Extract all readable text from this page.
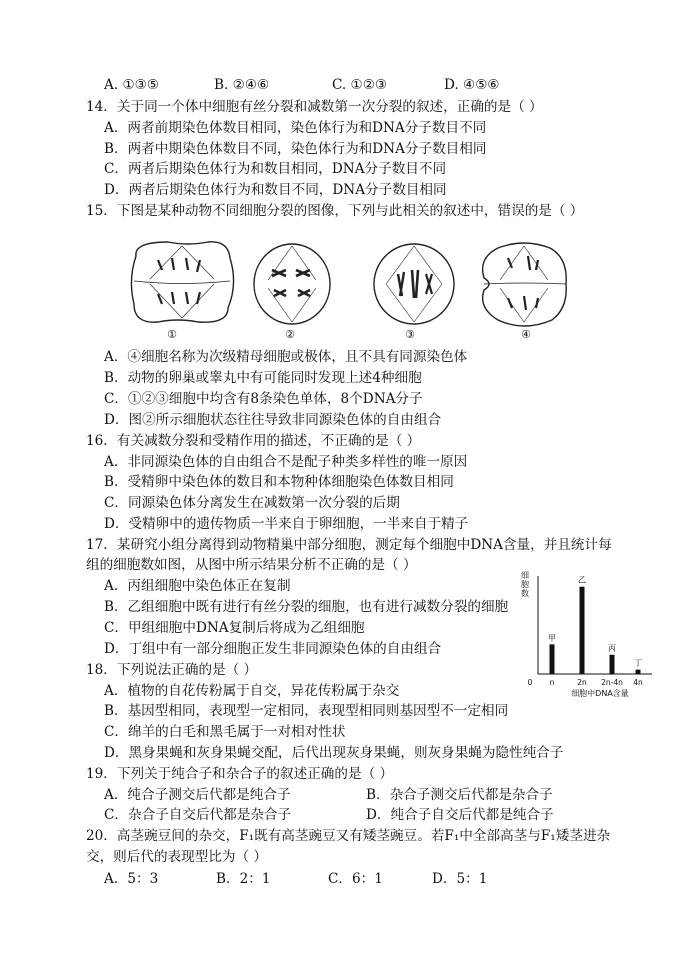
A. ①③⑤	B. ②④⑥	C. ①②③	D. ④⑤⑥
14．关于同一个体中细胞有丝分裂和减数第一次分裂的叙述，正确的是（ ）
A．两者前期染色体数目相同，染色体行为和DNA分子数目不同
B．两者中期染色体数目不同，染色体行为和DNA分子数目相同
C．两者后期染色体行为和数目相同，DNA分子数目不同
D．两者后期染色体行为和数目不同，DNA分子数目相同
15．下图是某种动物不同细胞分裂的图像，下列与此相关的叙述中，错误的是（ ）
①	②	③	④
A．④细胞名称为次级精母细胞或极体，且不具有同源染色体
B．动物的卵巢或睾丸中有可能同时发现上述4种细胞
C．①②③细胞中均含有8条染色单体，8个DNA分子
D．图②所示细胞状态往往导致非同源染色体的自由组合
16．有关减数分裂和受精作用的描述，不正确的是（ ）
A．非同源染色体的自由组合不是配子种类多样性的唯一原因
B．受精卵中染色体的数目和本物种体细胞染色体数目相同
C．同源染色体分离发生在减数第一次分裂的后期
D．受精卵中的遗传物质一半来自于卵细胞，一半来自于精子
17．某研究小组分离得到动物精巢中部分细胞，测定每个细胞中DNA含量，并且统计每
组的细胞数如图，从图中所示结果分析不正确的是（ ）
A．丙组细胞中染色体正在复制
B．乙组细胞中既有进行有丝分裂的细胞，也有进行减数分裂的细胞
C．甲组细胞中DNA复制后将成为乙组细胞
D．丁组中有一部分细胞正发生非同源染色体的自由组合
细胞数
甲
乙
丙
丁
0 n	2n 2n-4n 4n
细胞中DNA含量
18．下列说法正确的是（ ）
A．植物的自花传粉属于自交，异花传粉属于杂交
B．基因型相同，表现型一定相同，表现型相同则基因型不一定相同
C．绵羊的白毛和黑毛属于一对相对性状
D．黑身果蝇和灰身果蝇交配，后代出现灰身果蝇，则灰身果蝇为隐性纯合子
19．下列关于纯合子和杂合子的叙述正确的是（ ）
A．纯合子测交后代都是纯合子	B．杂合子测交后代都是杂合子
C．杂合子自交后代都是杂合子	D．纯合子自交后代都是纯合子
20．高茎豌豆间的杂交，F₁既有高茎豌豆又有矮茎豌豆。若F₁中全部高茎与F₁矮茎进杂
交，则后代的表现型比为（ ）
A．5：3	B．2：1	C．6：1	D．5：1
